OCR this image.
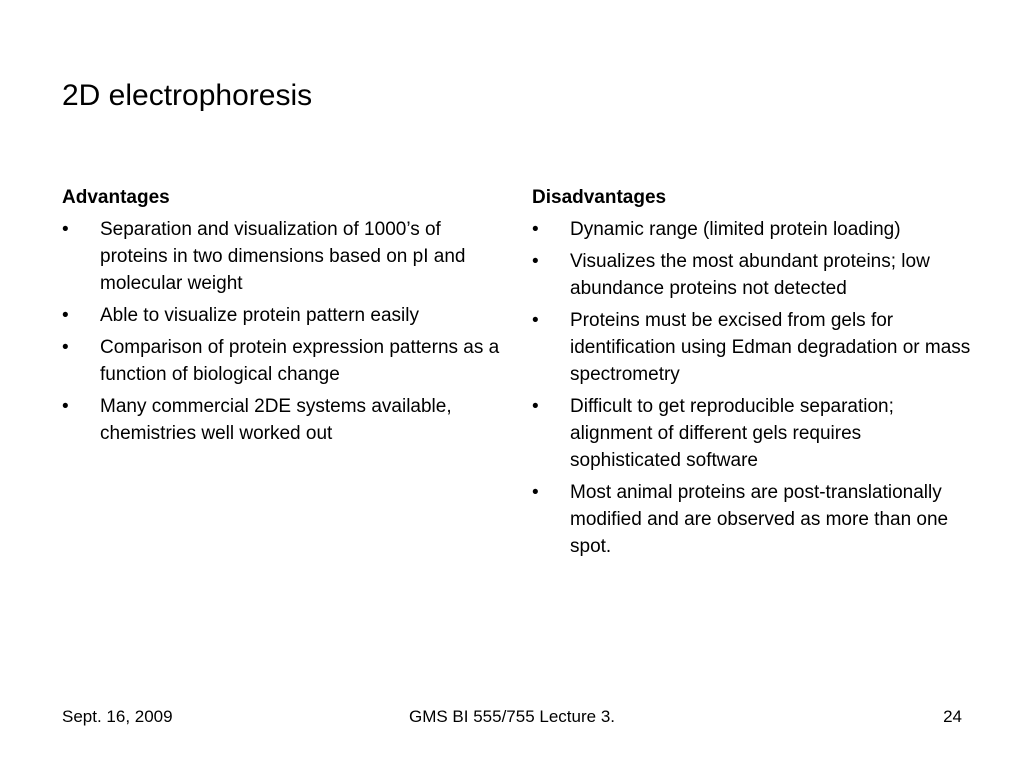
2D electrophoresis
Advantages
•	Separation and visualization of 1000’s of proteins in two dimensions based on pI and molecular weight
•	Able to visualize protein pattern easily
•	Comparison of protein expression patterns as a function of biological change
•	Many commercial 2DE systems available, chemistries well worked out
Disadvantages
•	Dynamic range (limited protein loading)
•	Visualizes the most abundant proteins; low abundance proteins not detected
•	Proteins must be excised from gels for identification using Edman degradation or mass spectrometry
•	Difficult to get reproducible separation; alignment of different gels requires sophisticated software
•	Most animal proteins are post-translationally modified and are observed as more than one spot.
Sept. 16, 2009	GMS BI 555/755 Lecture 3.	24
